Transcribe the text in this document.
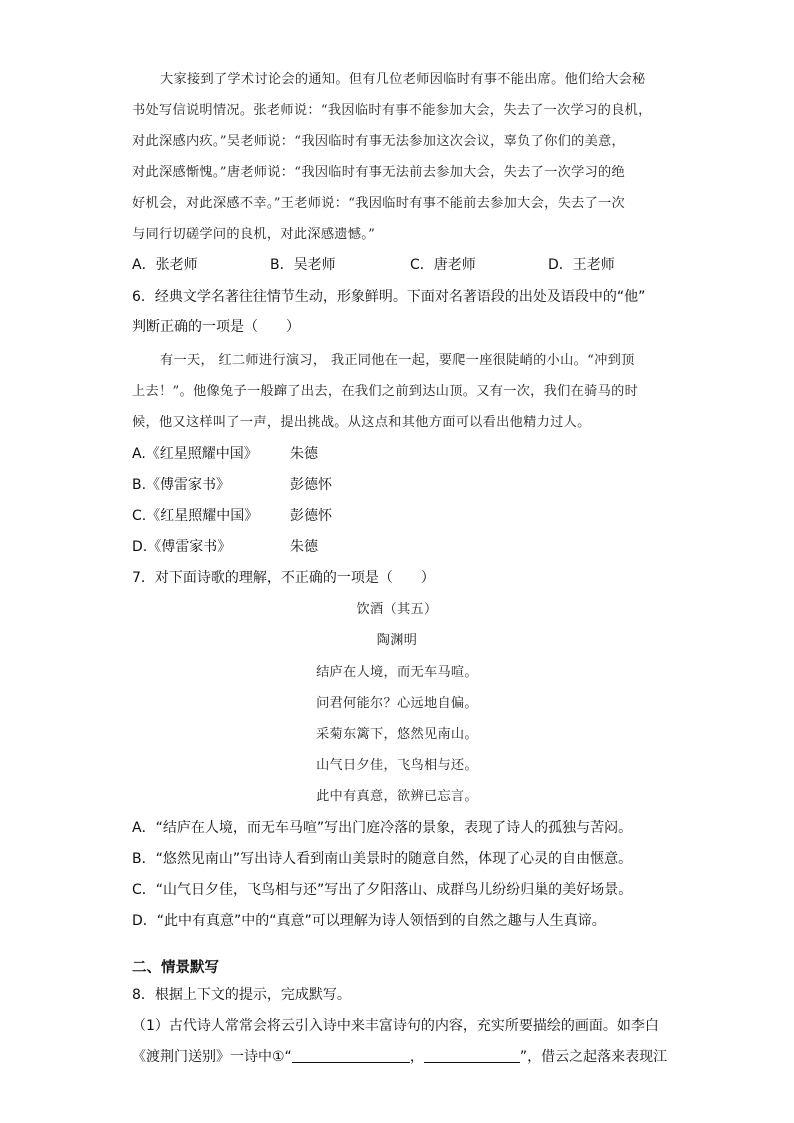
大家接到了学术讨论会的通知。但有几位老师因临时有事不能出席。他们给大会秘
书处写信说明情况。张老师说：“我因临时有事不能参加大会，失去了一次学习的良机，
对此深感内疚。”吴老师说：“我因临时有事无法参加这次会议，辜负了你们的美意，
对此深感惭愧。”唐老师说：“我因临时有事无法前去参加大会，失去了一次学习的绝
好机会，对此深感不幸。”王老师说：“我因临时有事不能前去参加大会，失去了一次
与同行切磋学问的良机，对此深感遗憾。”
A．张老师	B．吴老师	C．唐老师	D．王老师
6．经典文学名著往往情节生动，形象鲜明。下面对名著语段的出处及语段中的“他”
判断正确的一项是（　　）
有一天， 红二师进行演习， 我正同他在一起，要爬一座很陡峭的小山。“冲到顶
上去！”。他像兔子一般蹿了出去，在我们之前到达山顶。又有一次，我们在骑马的时
候，他又这样叫了一声，提出挑战。从这点和其他方面可以看出他精力过人。
A.《红星照耀中国》 朱德
B.《傅雷家书》	彭德怀
C.《红星照耀中国》 彭德怀
D.《傅雷家书》	朱德
7．对下面诗歌的理解，不正确的一项是（　　）
饮酒（其五）
陶渊明
结庐在人境，而无车马喧。
问君何能尔？心远地自偏。
采菊东篱下，悠然见南山。
山气日夕佳，飞鸟相与还。
此中有真意，欲辨已忘言。
A．“结庐在人境，而无车马喧”写出门庭冷落的景象，表现了诗人的孤独与苦闷。
B．“悠然见南山”写出诗人看到南山美景时的随意自然，体现了心灵的自由惬意。
C．“山气日夕佳，飞鸟相与还”写出了夕阳落山、成群鸟儿纷纷归巢的美好场景。
D．“此中有真意”中的“真意”可以理解为诗人领悟到的自然之趣与人生真谛。
二、情景默写
8．根据上下文的提示，完成默写。
（1）古代诗人常常会将云引入诗中来丰富诗句的内容，充实所要描绘的画面。如李白
《渡荆门送别》一诗中①“	，	”，借云之起落来表现江
